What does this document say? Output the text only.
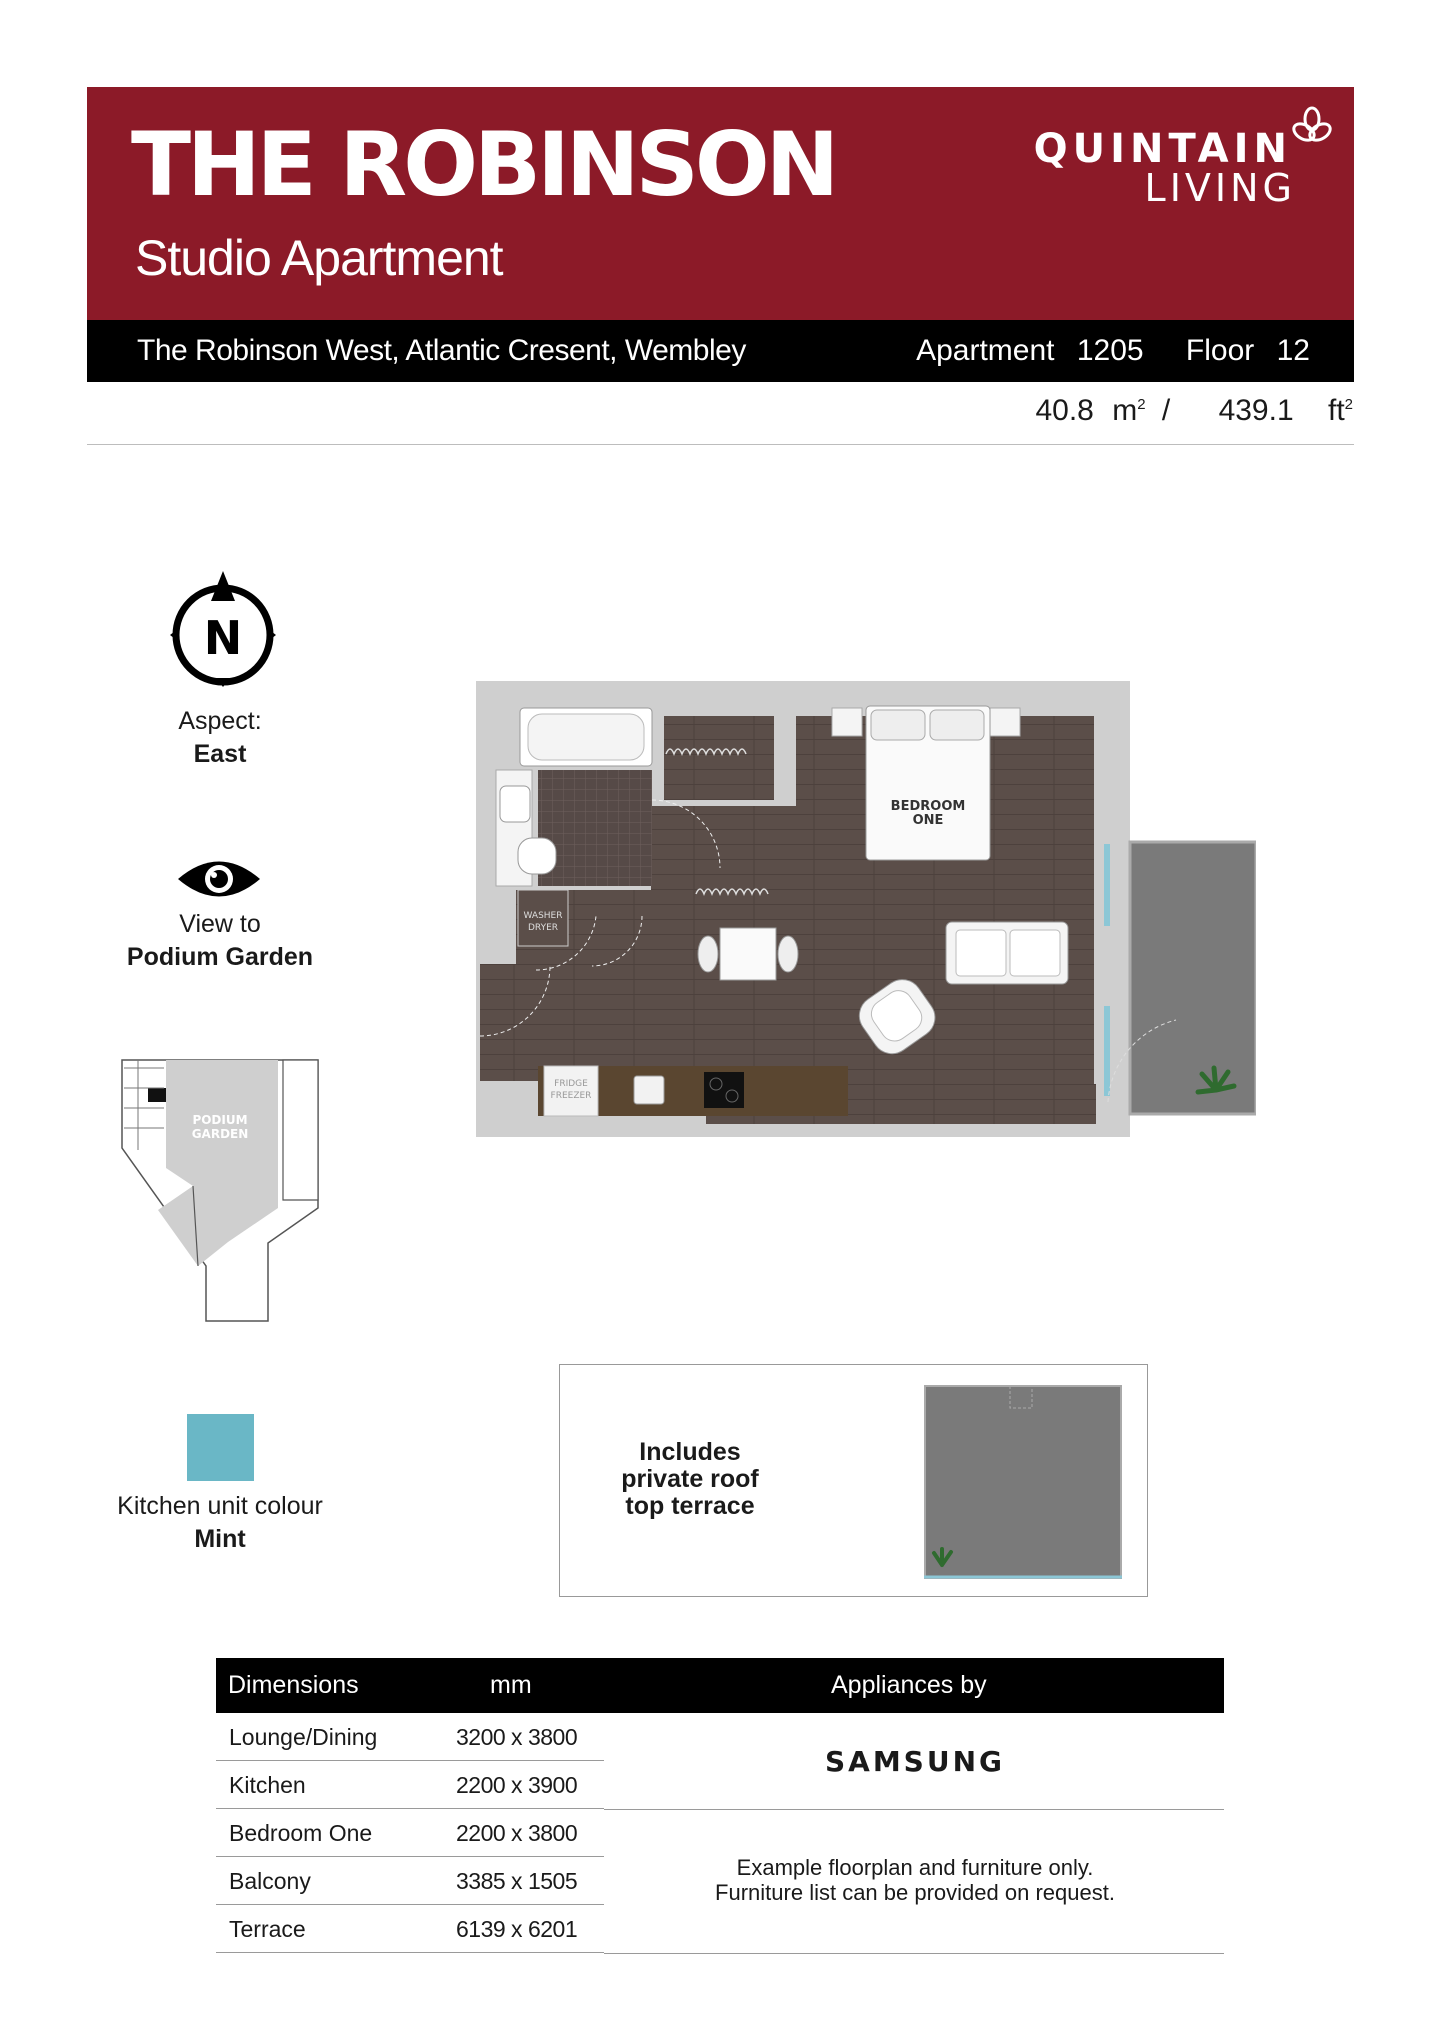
THE ROBINSON
Studio Apartment
QUINTAIN
LIVING
The Robinson West, Atlantic Cresent, Wembley	Apartment 1205 Floor 12
40.8 $m^2 / 439.1$ $ft^2$
N
Aspect:
East
View to
Podium Garden
PODIUM
GARDEN
WASHER
DRYER
FRIDGE
FREEZER
BEDROOM
ONE
Includes
private roof
top terrace
Kitchen unit colour
Mint
Dimensions	mm	Appliances by
Lounge/Dining	3200 x 3800
Kitchen	2200 x 3900
Bedroom One	2200 x 3800
Balcony	3385 x 1505
Terrace	6139 x 6201
SAMSUNG
Example floorplan and furniture only.
Furniture list can be provided on request.
